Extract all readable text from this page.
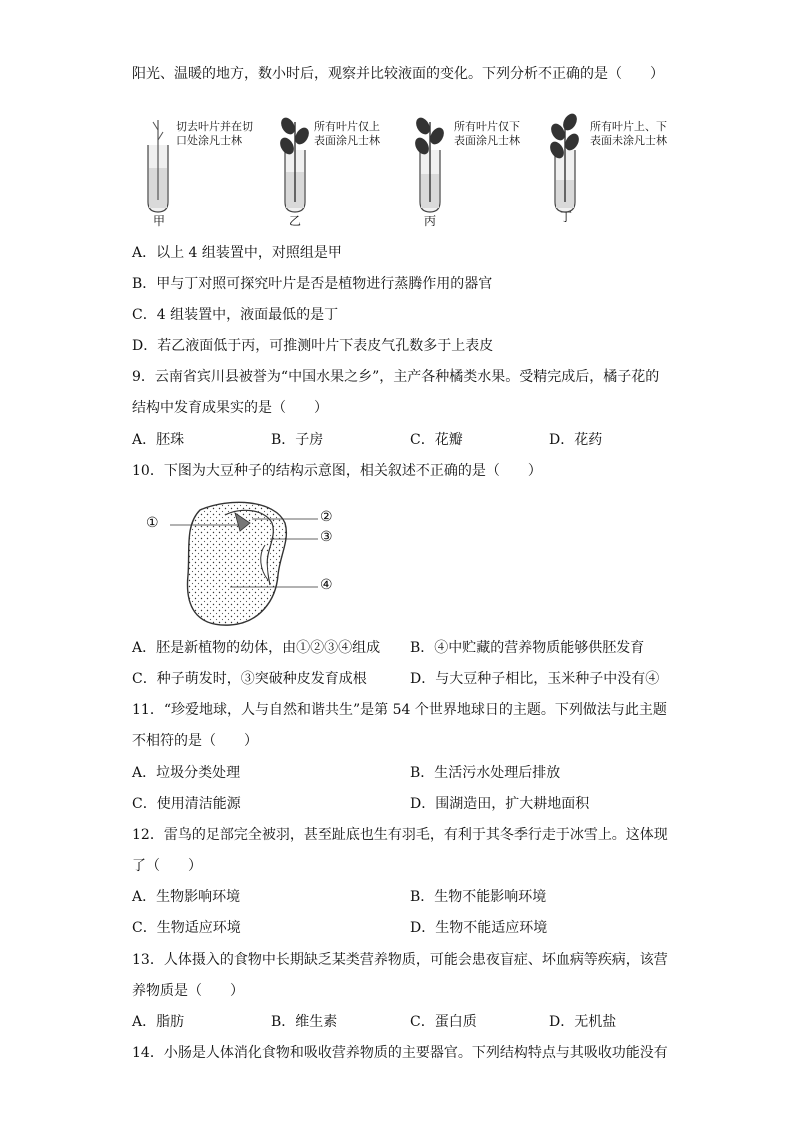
阳光、温暖的地方，数小时后，观察并比较液面的变化。下列分析不正确的是（　　）
切去叶片并在切
口处涂凡士林
所有叶片仅上
表面涂凡士林
所有叶片仅下
表面涂凡士林
所有叶片上、下
表面未涂凡士林
甲	乙	丙	丁
A．以上 4 组装置中，对照组是甲
B．甲与丁对照可探究叶片是否是植物进行蒸腾作用的器官
C．4 组装置中，液面最低的是丁
D．若乙液面低于丙，可推测叶片下表皮气孔数多于上表皮
9．云南省宾川县被誉为“中国水果之乡”，主产各种橘类水果。受精完成后，橘子花的
结构中发育成果实的是（　　）
A．胚珠	B．子房	C．花瓣	D．花药
10．下图为大豆种子的结构示意图，相关叙述不正确的是（　　）
①	②
③
④
A．胚是新植物的幼体，由①②③④组成 B．④中贮藏的营养物质能够供胚发育
C．种子萌发时，③突破种皮发育成根	D．与大豆种子相比，玉米种子中没有④
11．“珍爱地球，人与自然和谐共生”是第 54 个世界地球日的主题。下列做法与此主题
不相符的是（　　）
A．垃圾分类处理	B．生活污水处理后排放
C．使用清洁能源	D．围湖造田，扩大耕地面积
12．雷鸟的足部完全被羽，甚至趾底也生有羽毛，有利于其冬季行走于冰雪上。这体现
了（　　）
A．生物影响环境	B．生物不能影响环境
C．生物适应环境	D．生物不能适应环境
13．人体摄入的食物中长期缺乏某类营养物质，可能会患夜盲症、坏血病等疾病，该营
养物质是（　　）
A．脂肪	B．维生素	C．蛋白质	D．无机盐
14．小肠是人体消化食物和吸收营养物质的主要器官。下列结构特点与其吸收功能没有
